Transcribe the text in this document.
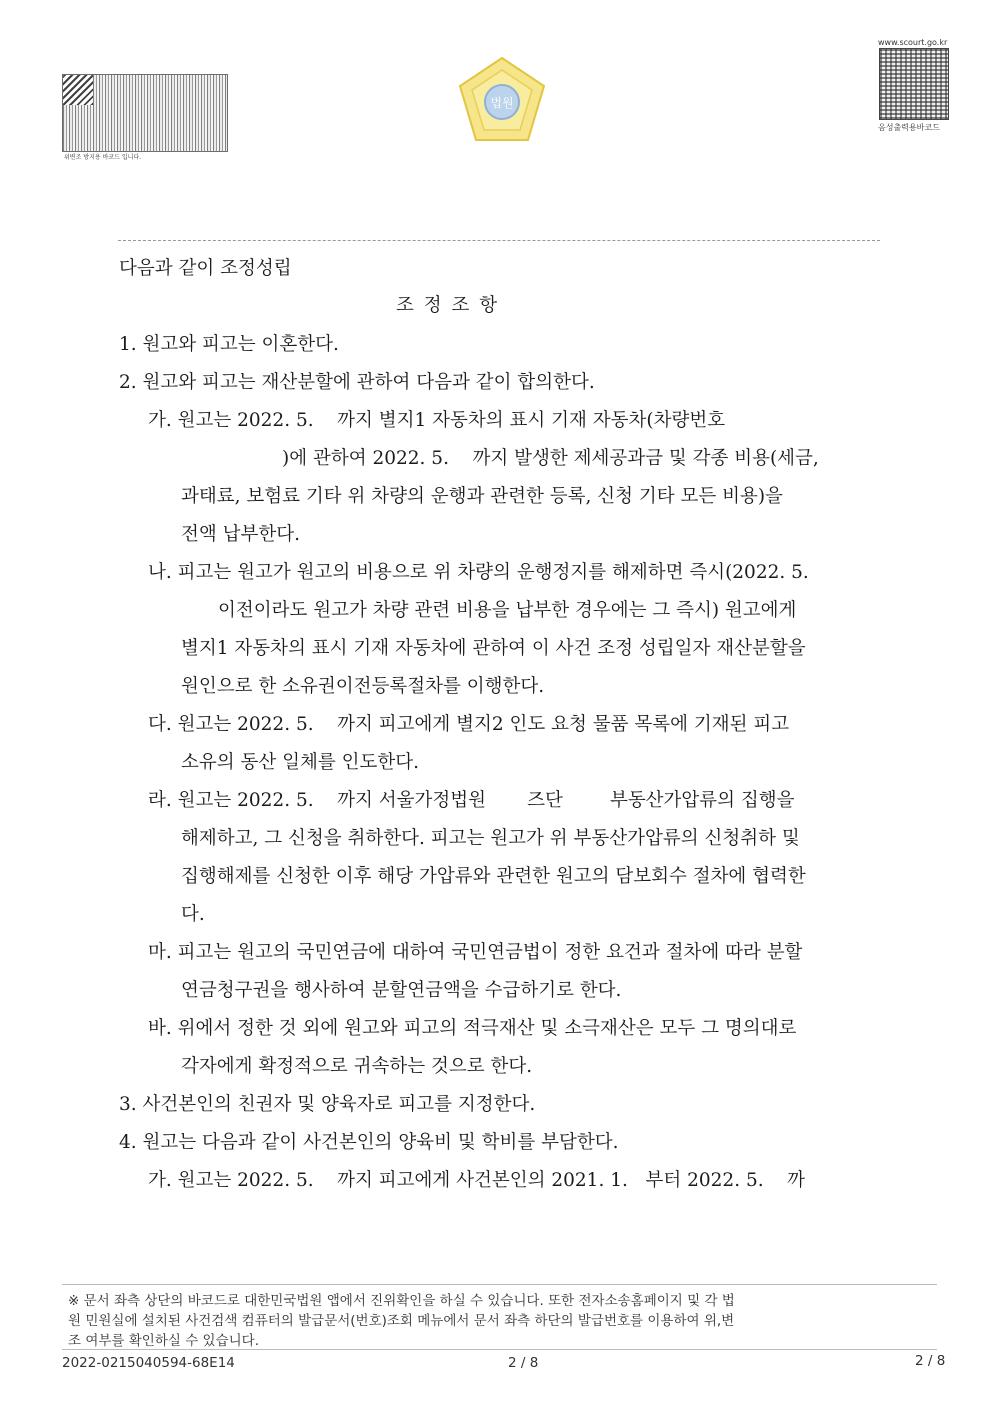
위변조 방지용 바코드 입니다.
법원
www.scourt.go.kr
음성출력용바코드
다음과 같이 조정성립
조 정 조 항
1. 원고와 피고는 이혼한다.
2. 원고와 피고는 재산분할에 관하여 다음과 같이 합의한다.
가. 원고는 2022. 5.    까지 별지1 자동차의 표시 기재 자동차(차량번호
)에 관하여 2022. 5.    까지 발생한 제세공과금 및 각종 비용(세금,
과태료, 보험료 기타 위 차량의 운행과 관련한 등록, 신청 기타 모든 비용)을
전액 납부한다.
나. 피고는 원고가 원고의 비용으로 위 차량의 운행정지를 해제하면 즉시(2022. 5.
이전이라도 원고가 차량 관련 비용을 납부한 경우에는 그 즉시) 원고에게
별지1 자동차의 표시 기재 자동차에 관하여 이 사건 조정 성립일자 재산분할을
원인으로 한 소유권이전등록절차를 이행한다.
다. 원고는 2022. 5.    까지 피고에게 별지2 인도 요청 물품 목록에 기재된 피고
소유의 동산 일체를 인도한다.
라. 원고는 2022. 5.    까지 서울가정법원       즈단        부동산가압류의 집행을
해제하고, 그 신청을 취하한다. 피고는 원고가 위 부동산가압류의 신청취하 및
집행해제를 신청한 이후 해당 가압류와 관련한 원고의 담보회수 절차에 협력한
다.
마. 피고는 원고의 국민연금에 대하여 국민연금법이 정한 요건과 절차에 따라 분할
연금청구권을 행사하여 분할연금액을 수급하기로 한다.
바. 위에서 정한 것 외에 원고와 피고의 적극재산 및 소극재산은 모두 그 명의대로
각자에게 확정적으로 귀속하는 것으로 한다.
3. 사건본인의 친권자 및 양육자로 피고를 지정한다.
4. 원고는 다음과 같이 사건본인의 양육비 및 학비를 부담한다.
가. 원고는 2022. 5.    까지 피고에게 사건본인의 2021. 1.   부터 2022. 5.    까
※ 문서 좌측 상단의 바코드로 대한민국법원 앱에서 진위확인을 하실 수 있습니다. 또한 전자소송홈페이지 및 각 법
원 민원실에 설치된 사건검색 컴퓨터의 발급문서(번호)조회 메뉴에서 문서 좌측 하단의 발급번호를 이용하여 위,변
조 여부를 확인하실 수 있습니다.
2022-0215040594-68E14	2 / 8	2 / 8
